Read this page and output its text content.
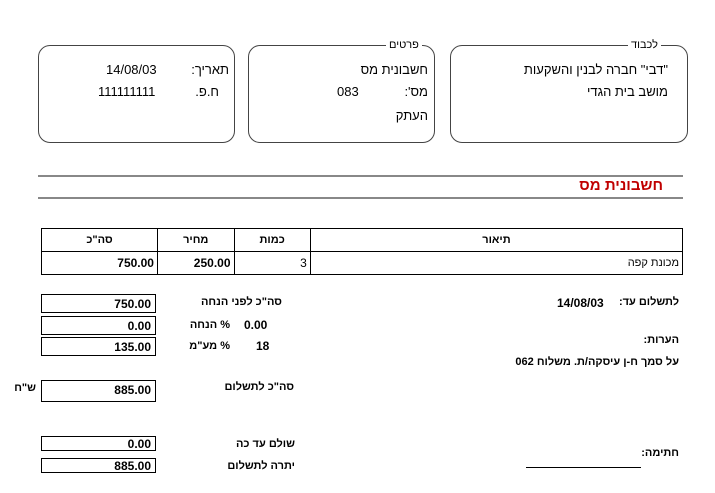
לכבוד
"דבי" חברה לבנין והשקעות
מושב בית הגדי
פרטים
חשבונית מס
מס':
083
העתק
תאריך:
14/08/03
ח.פ.
111111111
חשבונית מס
תיאור	כמות	מחיר	סה"כ
מכונת קפה	3	250.00	750.00
750.00	סה"כ לפני הנחה
0.00	% הנחה 0.00
135.00	% מע"מ 18
885.00	סה"כ לתשלום
ש"ח
0.00	שולם עד כה
885.00	יתרה לתשלום
לתשלום עד:
14/08/03
הערות:
על סמך ח-ן עיסקה/ת. משלוח 062
חתימה:
